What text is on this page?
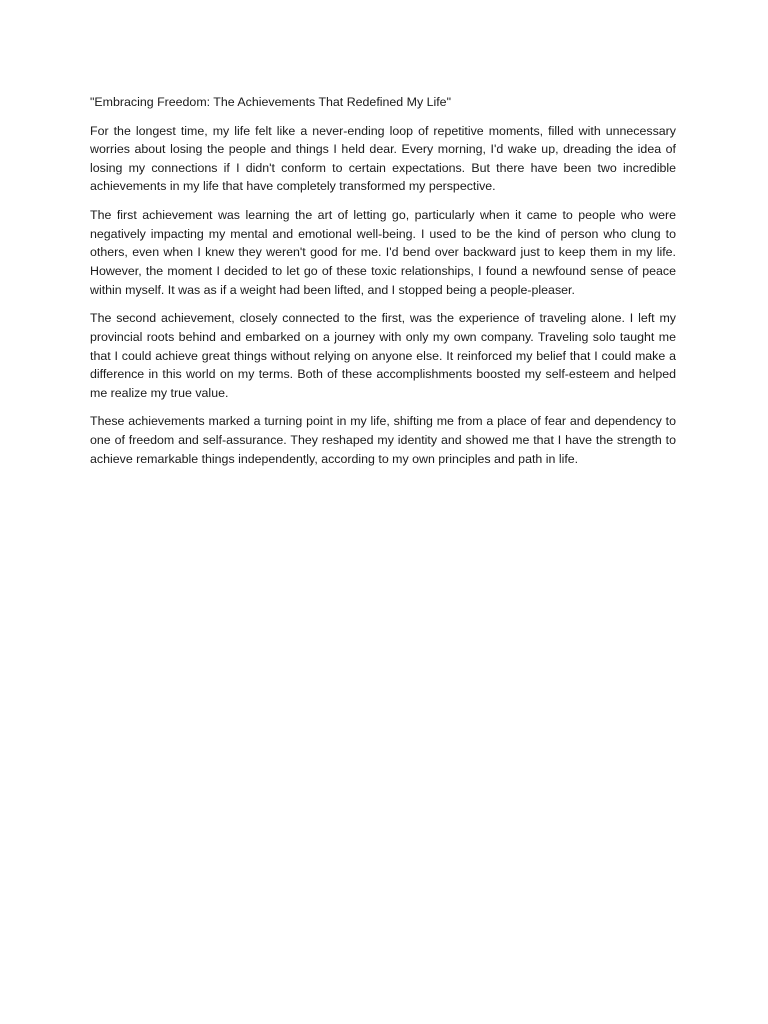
"Embracing Freedom: The Achievements That Redefined My Life"

For the longest time, my life felt like a never-ending loop of repetitive moments, filled with unnecessary worries about losing the people and things I held dear. Every morning, I'd wake up, dreading the idea of losing my connections if I didn't conform to certain expectations. But there have been two incredible achievements in my life that have completely transformed my perspective.

The first achievement was learning the art of letting go, particularly when it came to people who were negatively impacting my mental and emotional well-being. I used to be the kind of person who clung to others, even when I knew they weren't good for me. I'd bend over backward just to keep them in my life. However, the moment I decided to let go of these toxic relationships, I found a newfound sense of peace within myself. It was as if a weight had been lifted, and I stopped being a people-pleaser.

The second achievement, closely connected to the first, was the experience of traveling alone. I left my provincial roots behind and embarked on a journey with only my own company. Traveling solo taught me that I could achieve great things without relying on anyone else. It reinforced my belief that I could make a difference in this world on my terms. Both of these accomplishments boosted my self-esteem and helped me realize my true value.

These achievements marked a turning point in my life, shifting me from a place of fear and dependency to one of freedom and self-assurance. They reshaped my identity and showed me that I have the strength to achieve remarkable things independently, according to my own principles and path in life.
